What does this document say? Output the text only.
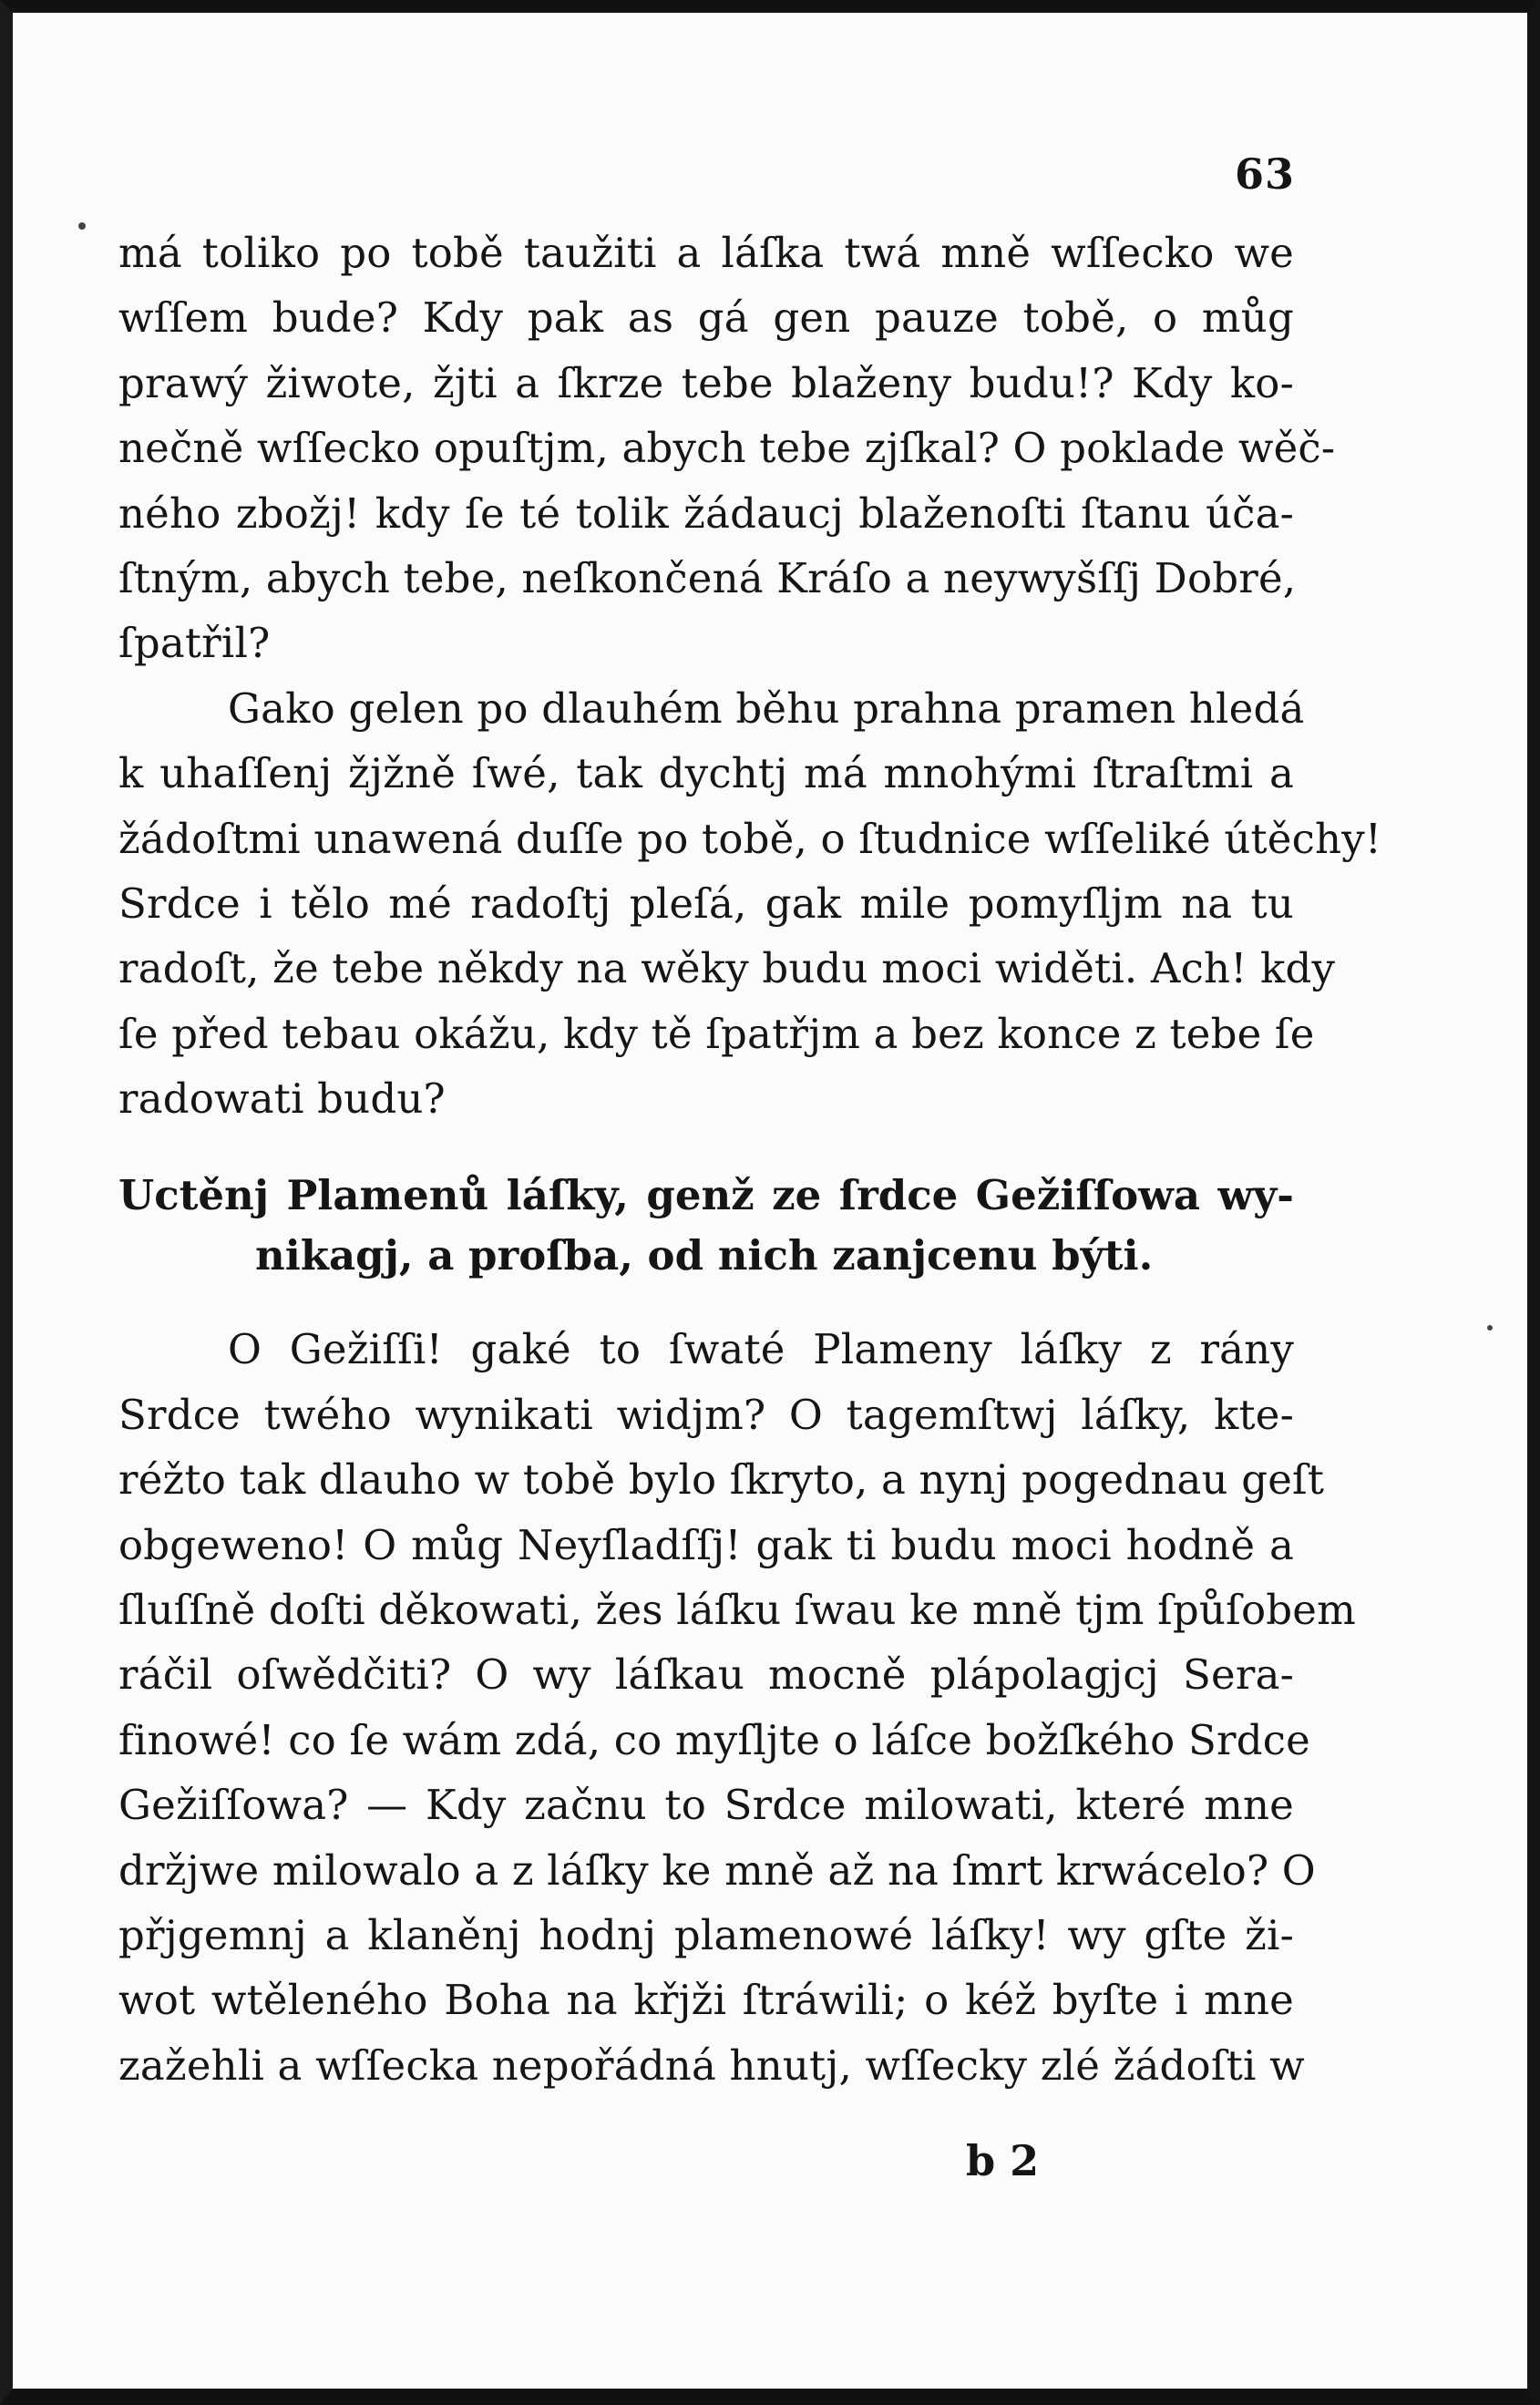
63
má toliko po tobě taužiti a láſka twá mně wſſecko we
wſſem bude? Kdy pak as gá gen pauze tobě, o můg
prawý žiwote, žjti a ſkrze tebe blaženy budu!? Kdy ko-
nečně wſſecko opuſtjm, abych tebe zjſkal? O poklade wěč-
ného zbožj! kdy ſe té tolik žádaucj blaženoſti ſtanu úča-
ſtným, abych tebe, neſkončená Kráſo a neywyšſſj Dobré,
ſpatřil?
Gako gelen po dlauhém běhu prahna pramen hledá
k uhaſſenj žjžně ſwé, tak dychtj má mnohými ſtraſtmi a
žádoſtmi unawená duſſe po tobě, o ſtudnice wſſeliké útěchy!
Srdce i tělo mé radoſtj pleſá, gak mile pomyſljm na tu
radoſt, že tebe někdy na wěky budu moci widěti. Ach! kdy
ſe před tebau okážu, kdy tě ſpatřjm a bez konce z tebe ſe
radowati budu?
Uctěnj Plamenů láſky, genž ze ſrdce Gežiſſowa wy-
nikagj, a proſba, od nich zanjcenu býti.
O Gežiſſi! gaké to ſwaté Plameny láſky z rány
Srdce twého wynikati widjm? O tagemſtwj láſky, kte-
réžto tak dlauho w tobě bylo ſkryto, a nynj pogednau geſt
obgeweno! O můg Neyſladſſj! gak ti budu moci hodně a
ſluſſně doſti děkowati, žes láſku ſwau ke mně tjm ſpůſobem
ráčil oſwědčiti? O wy láſkau mocně plápolagjcj Sera-
finowé! co ſe wám zdá, co myſljte o láſce božſkého Srdce
Gežiſſowa? — Kdy začnu to Srdce milowati, které mne
držjwe milowalo a z láſky ke mně až na ſmrt krwácelo? O
přjgemnj a klaněnj hodnj plamenowé láſky! wy gſte ži-
wot wtěleného Boha na křjži ſtráwili; o kéž byſte i mne
zažehli a wſſecka nepořádná hnutj, wſſecky zlé žádoſti w
b 2
